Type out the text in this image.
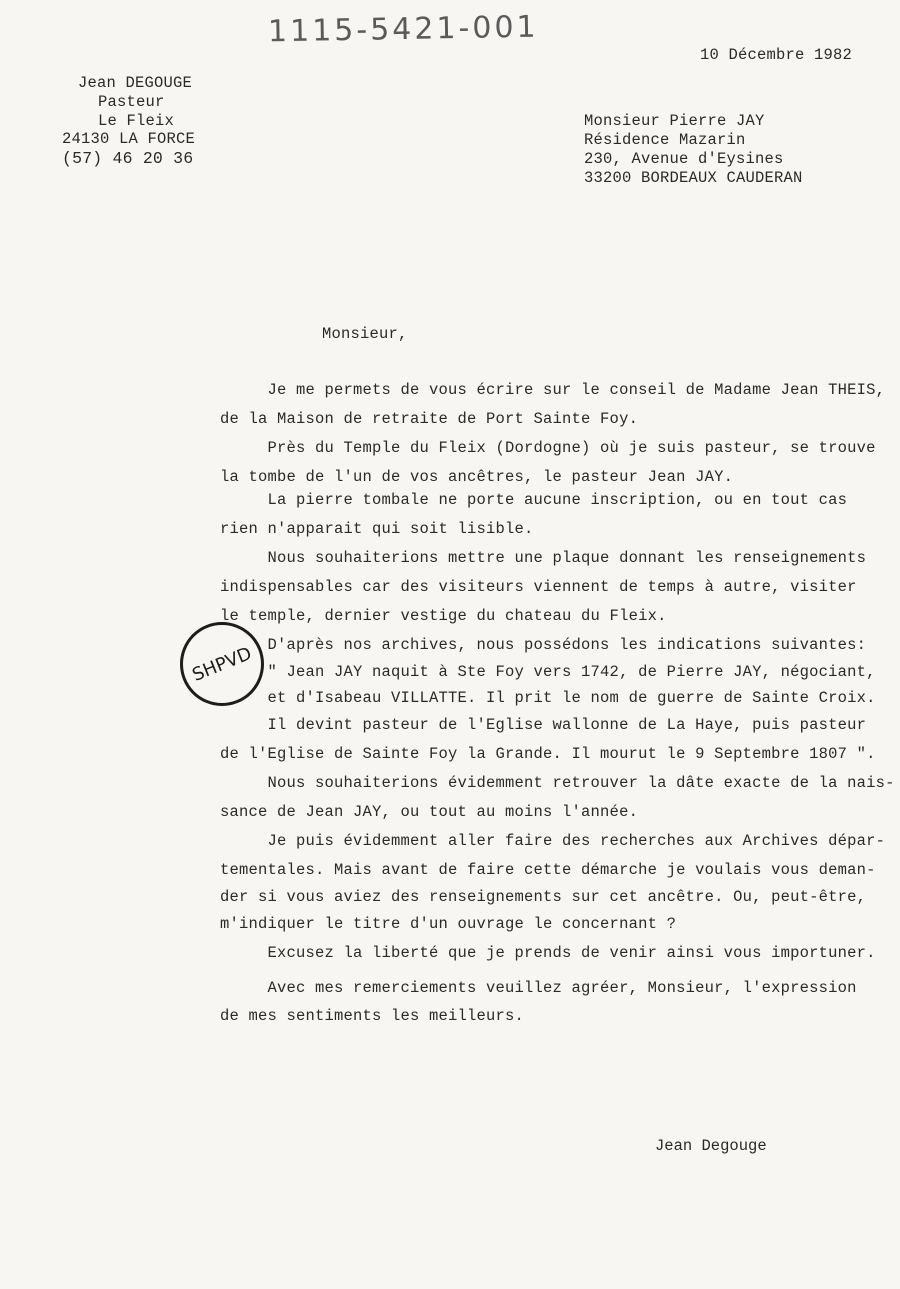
1115-5421-001
10 Décembre 1982
Jean DEGOUGE
Pasteur
Le Fleix
24130 LA FORCE
(57) 46 20 36
Monsieur Pierre JAY
Résidence Mazarin
230, Avenue d'Eysines
33200 BORDEAUX CAUDERAN
Monsieur,
Je me permets de vous écrire sur le conseil de Madame Jean THEIS,
de la Maison de retraite de Port Sainte Foy.
Près du Temple du Fleix (Dordogne) où je suis pasteur, se trouve
la tombe de l'un de vos ancêtres, le pasteur Jean JAY.
La pierre tombale ne porte aucune inscription, ou en tout cas
rien n'apparait qui soit lisible.
Nous souhaiterions mettre une plaque donnant les renseignements
indispensables car des visiteurs viennent de temps à autre, visiter
le temple, dernier vestige du chateau du Fleix.
D'après nos archives, nous possédons les indications suivantes:
" Jean JAY naquit à Ste Foy vers 1742, de Pierre JAY, négociant,
et d'Isabeau VILLATTE. Il prit le nom de guerre de Sainte Croix.
Il devint pasteur de l'Eglise wallonne de La Haye, puis pasteur
de l'Eglise de Sainte Foy la Grande. Il mourut le 9 Septembre 1807 ".
Nous souhaiterions évidemment retrouver la dâte exacte de la nais-
sance de Jean JAY, ou tout au moins l'année.
Je puis évidemment aller faire des recherches aux Archives dépar-
tementales. Mais avant de faire cette démarche je voulais vous deman-
der si vous aviez des renseignements sur cet ancêtre. Ou, peut-être,
m'indiquer le titre d'un ouvrage le concernant ?
Excusez la liberté que je prends de venir ainsi vous importuner.
Avec mes remerciements veuillez agréer, Monsieur, l'expression
de mes sentiments les meilleurs.
SHPVD
Jean Degouge
